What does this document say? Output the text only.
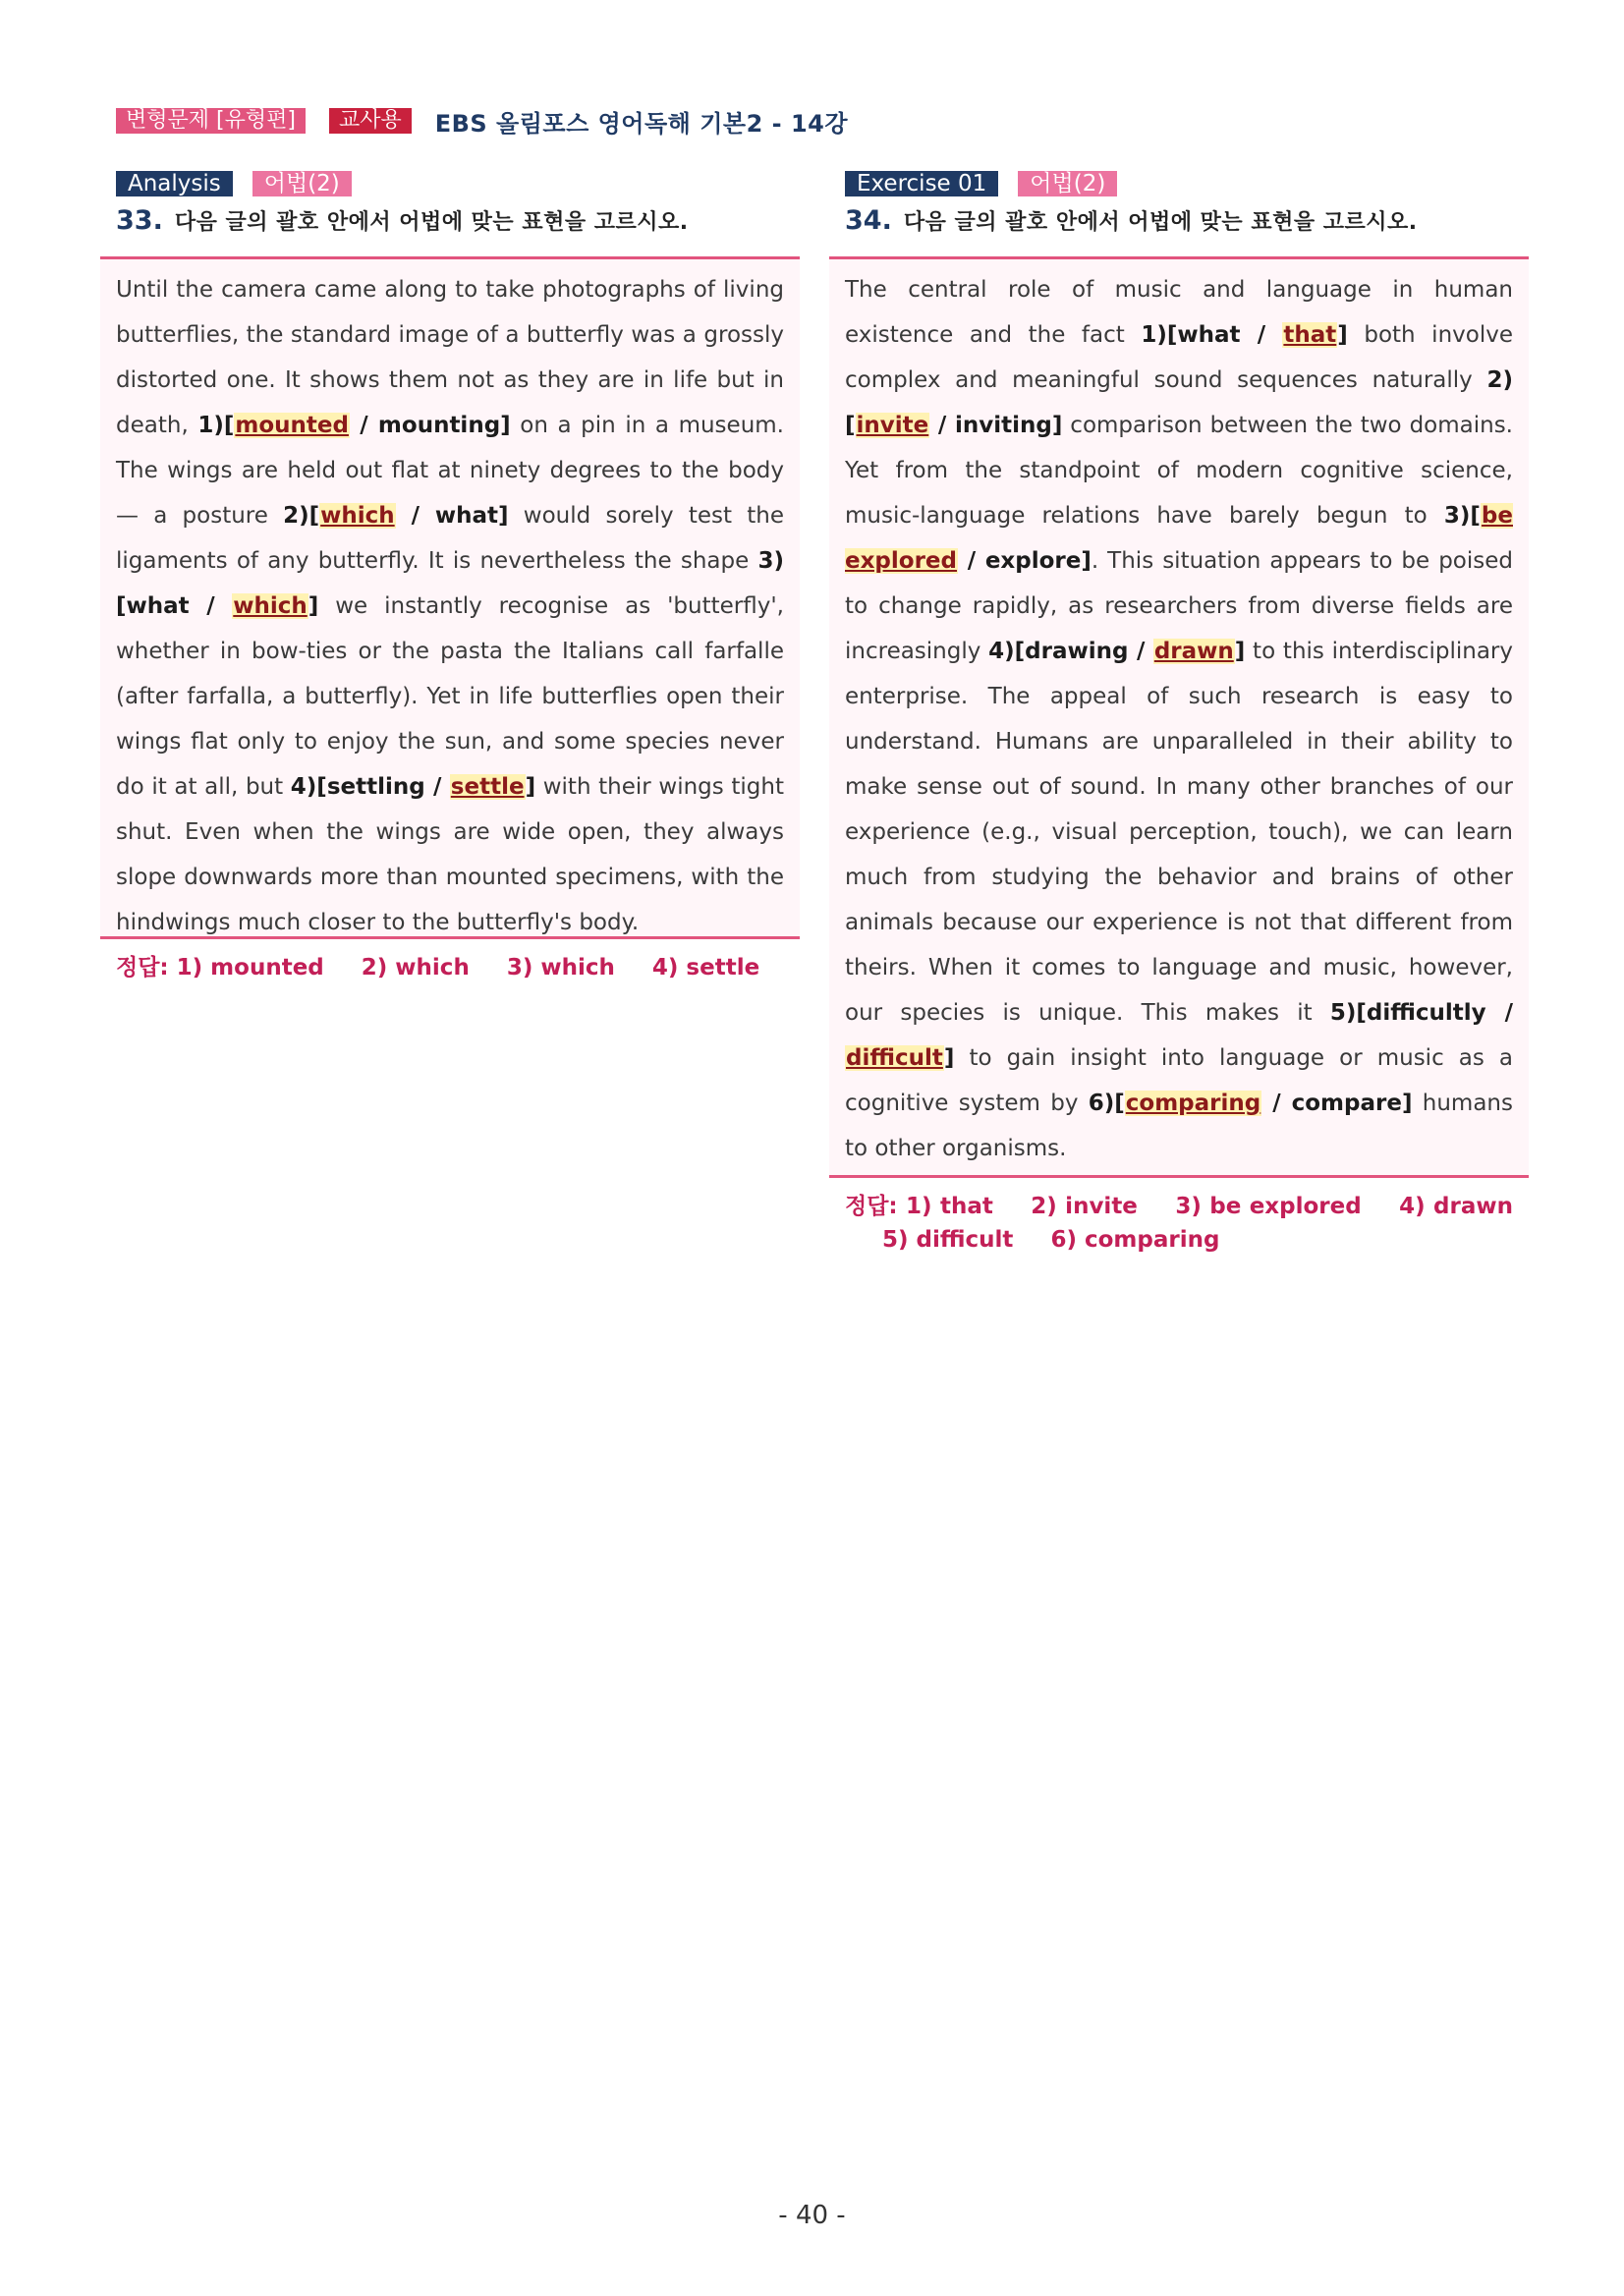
변형문제 [유형편]	교사용	EBS 올림포스 영어독해 기본2 - 14강
Analysis	어법(2)
33. 다음 글의 괄호 안에서 어법에 맞는 표현을 고르시오.

Until the camera came along to take photographs of living butterflies, the standard image of a butterfly was a grossly distorted one. It shows them not as they are in life but in death, 1)[mounted / mounting] on a pin in a museum. The wings are held out flat at ninety degrees to the body — a posture 2)[which / what] would sorely test the ligaments of any butterfly. It is nevertheless the shape 3)[what / which] we instantly recognise as 'butterfly', whether in bow-ties or the pasta the Italians call farfalle (after farfalla, a butterfly). Yet in life butterflies open their wings flat only to enjoy the sun, and some species never do it at all, but 4)[settling / settle] with their wings tight shut. Even when the wings are wide open, they always slope downwards more than mounted specimens, with the hindwings much closer to the butterfly's body.

정답: 1) mounted 2) which 3) which 4) settle
Exercise 01	어법(2)
34. 다음 글의 괄호 안에서 어법에 맞는 표현을 고르시오.

The central role of music and language in human existence and the fact 1)[what / that] both involve complex and meaningful sound sequences naturally 2)[invite / inviting] comparison between the two domains. Yet from the standpoint of modern cognitive science, music-language relations have barely begun to 3)[be explored / explore]. This situation appears to be poised to change rapidly, as researchers from diverse fields are increasingly 4)[drawing / drawn] to this interdisciplinary enterprise. The appeal of such research is easy to understand. Humans are unparalleled in their ability to make sense out of sound. In many other branches of our experience (e.g., visual perception, touch), we can learn much from studying the behavior and brains of other animals because our experience is not that different from theirs. When it comes to language and music, however, our species is unique. This makes it 5)[difficultly / difficult] to gain insight into language or music as a cognitive system by 6)[comparing / compare] humans to other organisms.

정답: 1) that 2) invite 3) be explored 4) drawn 5) difficult 6) comparing
- 40 -
